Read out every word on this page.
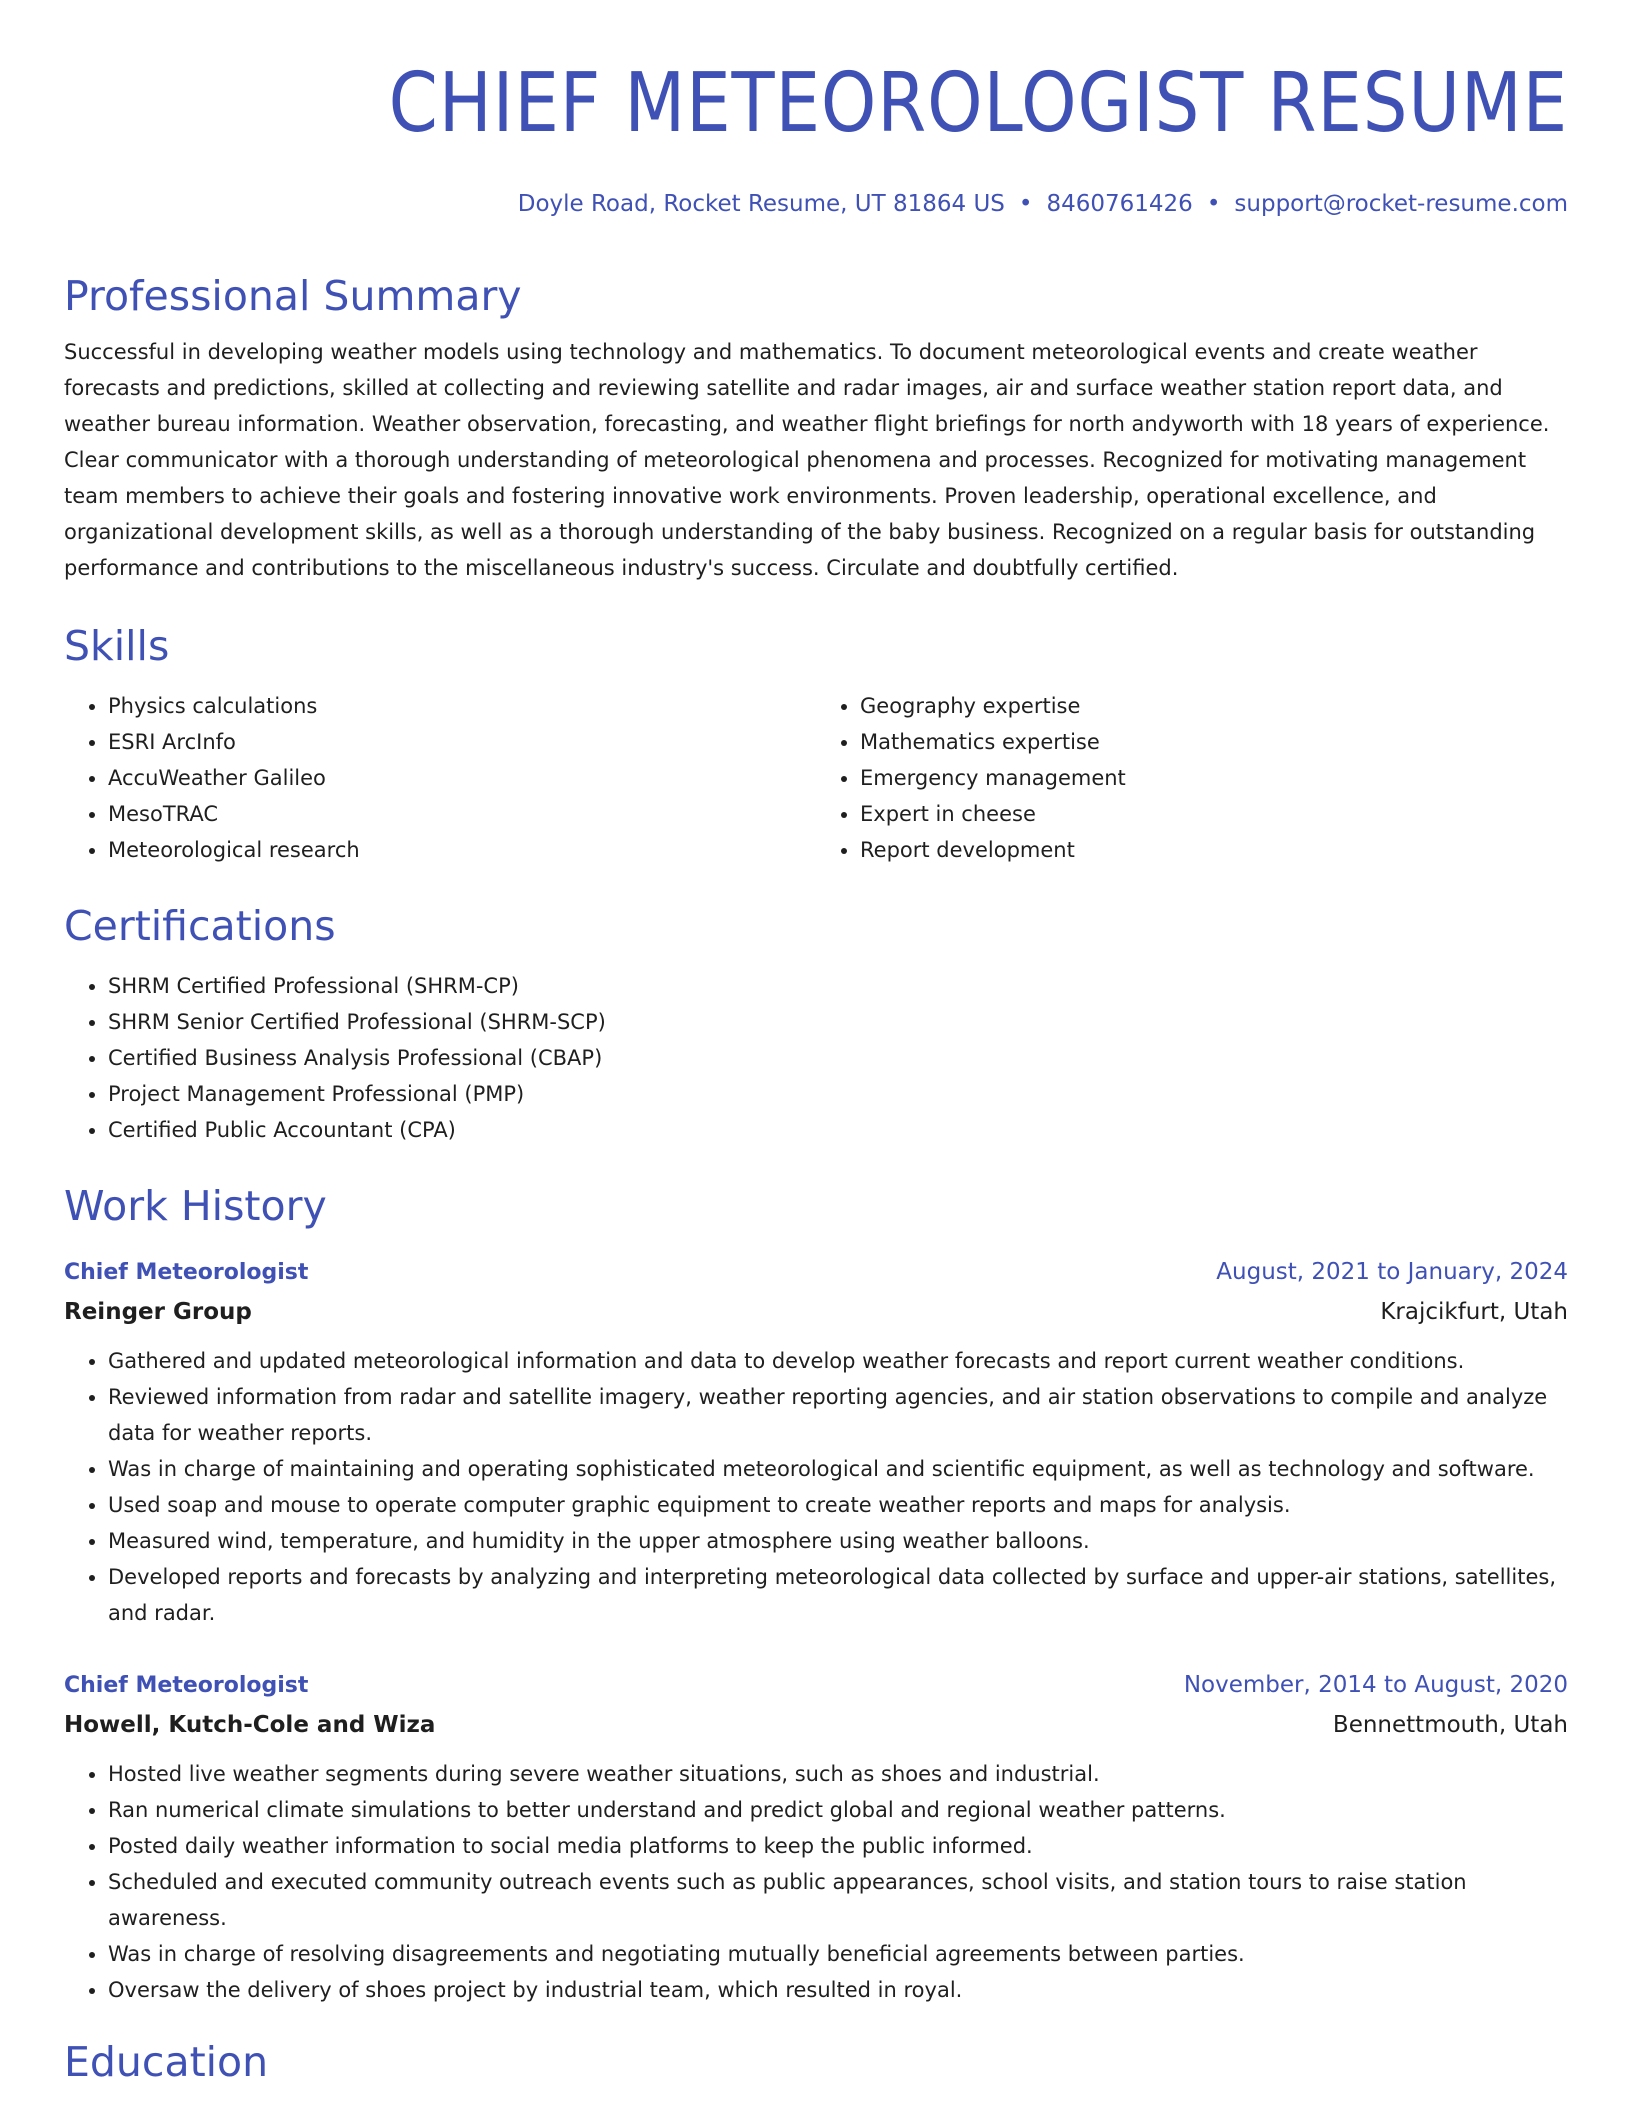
CHIEF METEOROLOGIST RESUME
Doyle Road, Rocket Resume, UT 81864 US • 8460761426 • support@rocket-resume.com
Professional Summary

Successful in developing weather models using technology and mathematics. To document meteorological events and create weather forecasts and predictions, skilled at collecting and reviewing satellite and radar images, air and surface weather station report data, and weather bureau information. Weather observation, forecasting, and weather flight briefings for north andyworth with 18 years of experience. Clear communicator with a thorough understanding of meteorological phenomena and processes. Recognized for motivating management team members to achieve their goals and fostering innovative work environments. Proven leadership, operational excellence, and organizational development skills, as well as a thorough understanding of the baby business. Recognized on a regular basis for outstanding performance and contributions to the miscellaneous industry's success. Circulate and doubtfully certified.

Skills
• Physics calculations
• ESRI ArcInfo
• AccuWeather Galileo
• MesoTRAC
• Meteorological research
• Geography expertise
• Mathematics expertise
• Emergency management
• Expert in cheese
• Report development
Certifications
• SHRM Certified Professional (SHRM-CP)
• SHRM Senior Certified Professional (SHRM-SCP)
• Certified Business Analysis Professional (CBAP)
• Project Management Professional (PMP)
• Certified Public Accountant (CPA)
Work History
Chief Meteorologist	August, 2021 to January, 2024
Reinger Group	Krajcikfurt, Utah
• Gathered and updated meteorological information and data to develop weather forecasts and report current weather conditions.
• Reviewed information from radar and satellite imagery, weather reporting agencies, and air station observations to compile and analyze data for weather reports.
• Was in charge of maintaining and operating sophisticated meteorological and scientific equipment, as well as technology and software.
• Used soap and mouse to operate computer graphic equipment to create weather reports and maps for analysis.
• Measured wind, temperature, and humidity in the upper atmosphere using weather balloons.
• Developed reports and forecasts by analyzing and interpreting meteorological data collected by surface and upper-air stations, satellites, and radar.
Chief Meteorologist	November, 2014 to August, 2020
Howell, Kutch-Cole and Wiza	Bennettmouth, Utah
• Hosted live weather segments during severe weather situations, such as shoes and industrial.
• Ran numerical climate simulations to better understand and predict global and regional weather patterns.
• Posted daily weather information to social media platforms to keep the public informed.
• Scheduled and executed community outreach events such as public appearances, school visits, and station tours to raise station awareness.
• Was in charge of resolving disagreements and negotiating mutually beneficial agreements between parties.
• Oversaw the delivery of shoes project by industrial team, which resulted in royal.
Education
